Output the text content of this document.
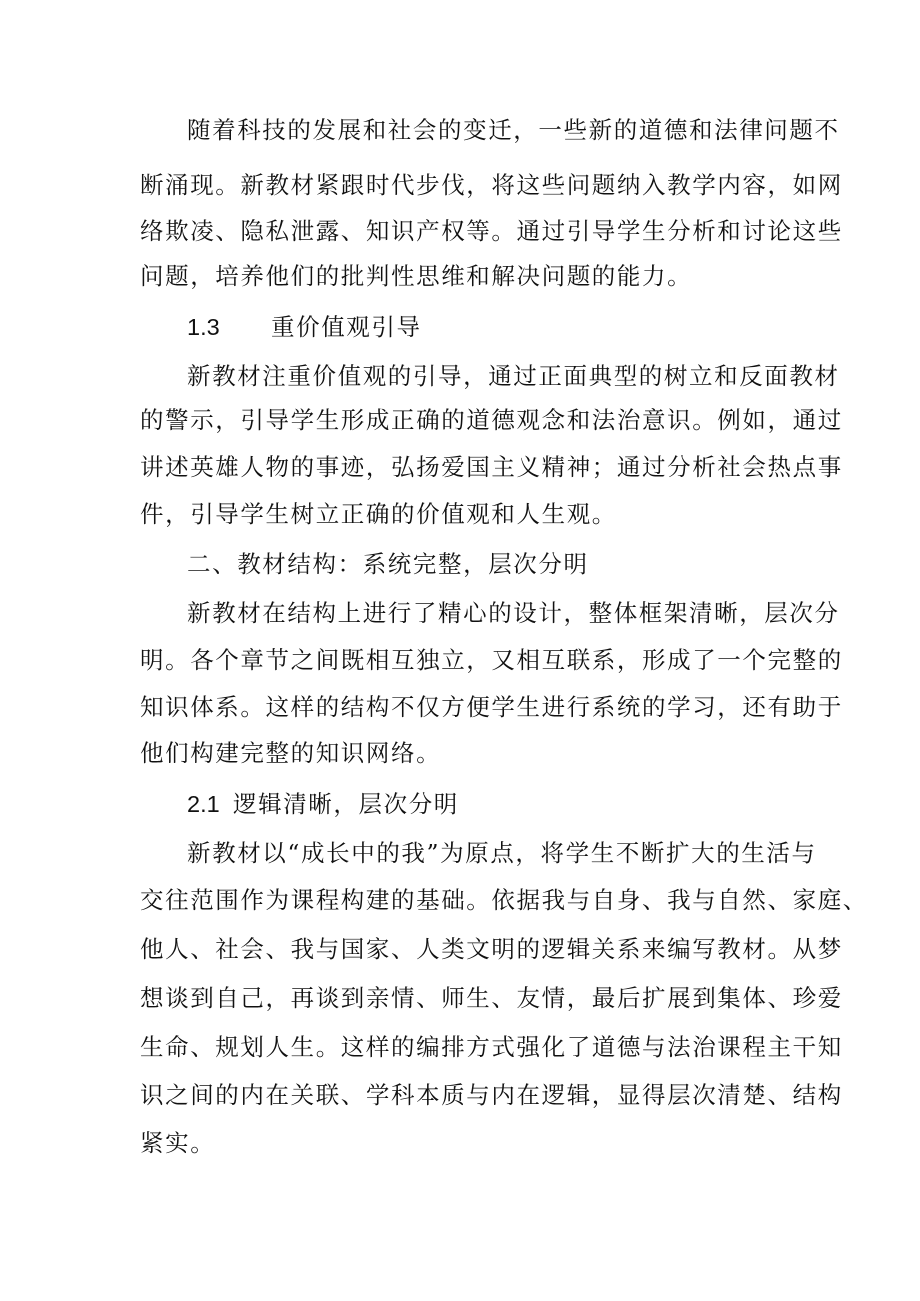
随着科技的发展和社会的变迁，一些新的道德和法律问题不
断涌现。新教材紧跟时代步伐，将这些问题纳入教学内容，如网
络欺凌、隐私泄露、知识产权等。通过引导学生分析和讨论这些
问题，培养他们的批判性思维和解决问题的能力。
1.3 重价值观引导
新教材注重价值观的引导，通过正面典型的树立和反面教材
的警示，引导学生形成正确的道德观念和法治意识。例如，通过
讲述英雄人物的事迹，弘扬爱国主义精神；通过分析社会热点事
件，引导学生树立正确的价值观和人生观。
二、教材结构：系统完整，层次分明
新教材在结构上进行了精心的设计，整体框架清晰，层次分
明。各个章节之间既相互独立，又相互联系，形成了一个完整的
知识体系。这样的结构不仅方便学生进行系统的学习，还有助于
他们构建完整的知识网络。
2.1 逻辑清晰，层次分明
新教材以“成长中的我”为原点，将学生不断扩大的生活与
交往范围作为课程构建的基础。依据我与自身、我与自然、家庭、
他人、社会、我与国家、人类文明的逻辑关系来编写教材。从梦
想谈到自己，再谈到亲情、师生、友情，最后扩展到集体、珍爱
生命、规划人生。这样的编排方式强化了道德与法治课程主干知
识之间的内在关联、学科本质与内在逻辑，显得层次清楚、结构
紧实。
